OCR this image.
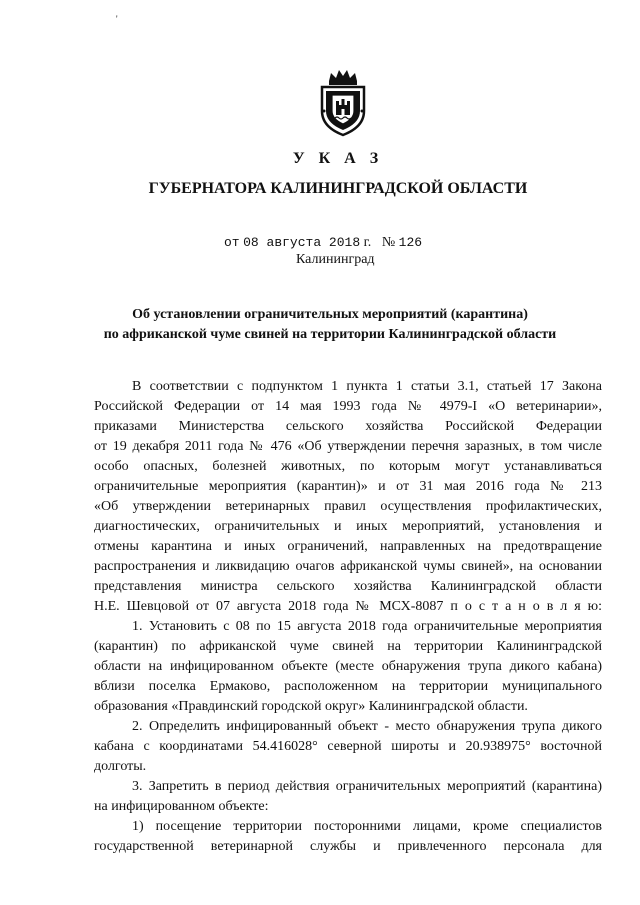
'
У К А З
ГУБЕРНАТОРА КАЛИНИНГРАДСКОЙ ОБЛАСТИ
от 08 августа 2018 г. № 126
Калининград
Об установлении ограничительных мероприятий (карантина)
по африканской чуме свиней на территории Калининградской области
В соответствии с подпунктом 1 пункта 1 статьи 3.1, статьей 17 Закона
Российской Федерации от 14 мая 1993 года № 4979-I «О ветеринарии»,
приказами Министерства сельского хозяйства Российской Федерации
от 19 декабря 2011 года № 476 «Об утверждении перечня заразных, в том числе
особо опасных, болезней животных, по которым могут устанавливаться
ограничительные мероприятия (карантин)» и от 31 мая 2016 года № 213
«Об утверждении ветеринарных правил осуществления профилактических,
диагностических, ограничительных и иных мероприятий, установления и
отмены карантина и иных ограничений, направленных на предотвращение
распространения и ликвидацию очагов африканской чумы свиней», на основании
представления министра сельского хозяйства Калининградской области
Н.Е. Шевцовой от 07 августа 2018 года № МСХ-8087 п о с т а н о в л я ю:
1. Установить с 08 по 15 августа 2018 года ограничительные мероприятия
(карантин) по африканской чуме свиней на территории Калининградской
области на инфицированном объекте (месте обнаружения трупа дикого кабана)
вблизи поселка Ермаково, расположенном на территории муниципального
образования «Правдинский городской округ» Калининградской области.
2. Определить инфицированный объект - место обнаружения трупа дикого
кабана с координатами 54.416028° северной широты и 20.938975° восточной
долготы.
3. Запретить в период действия ограничительных мероприятий (карантина)
на инфицированном объекте:
1) посещение территории посторонними лицами, кроме специалистов
государственной ветеринарной службы и привлеченного персонала для
